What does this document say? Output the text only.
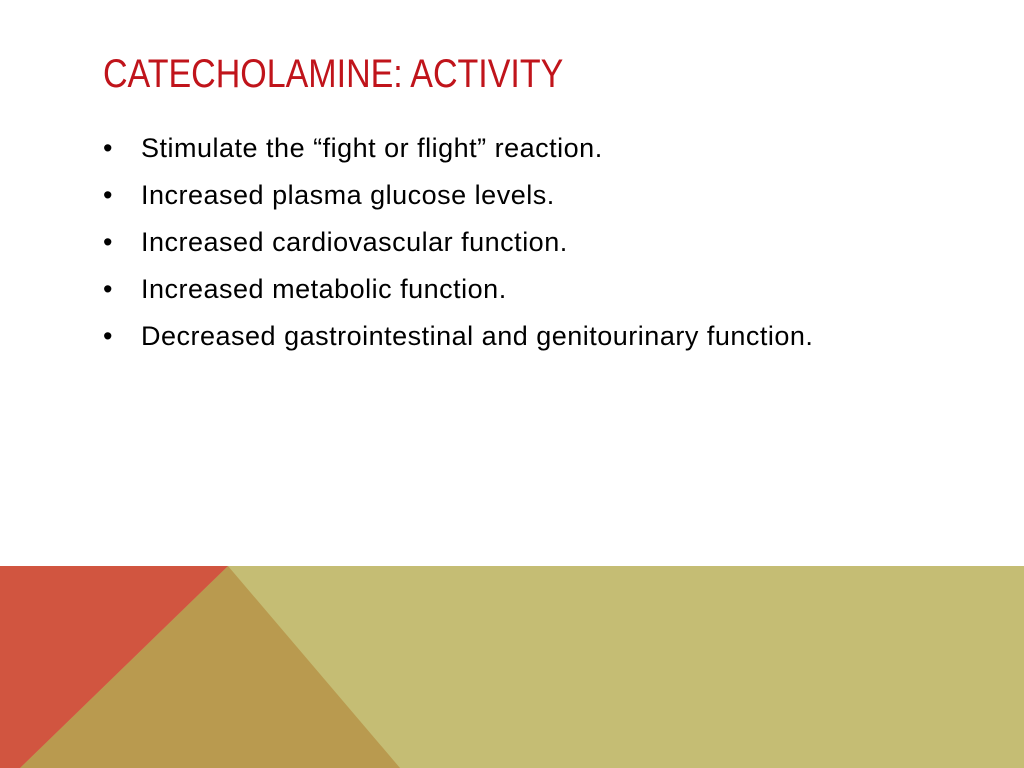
CATECHOLAMINE: ACTIVITY
•	Stimulate the “fight or flight” reaction.
•	Increased plasma glucose levels.
•	Increased cardiovascular function.
•	Increased metabolic function.
•	Decreased gastrointestinal and genitourinary function.
